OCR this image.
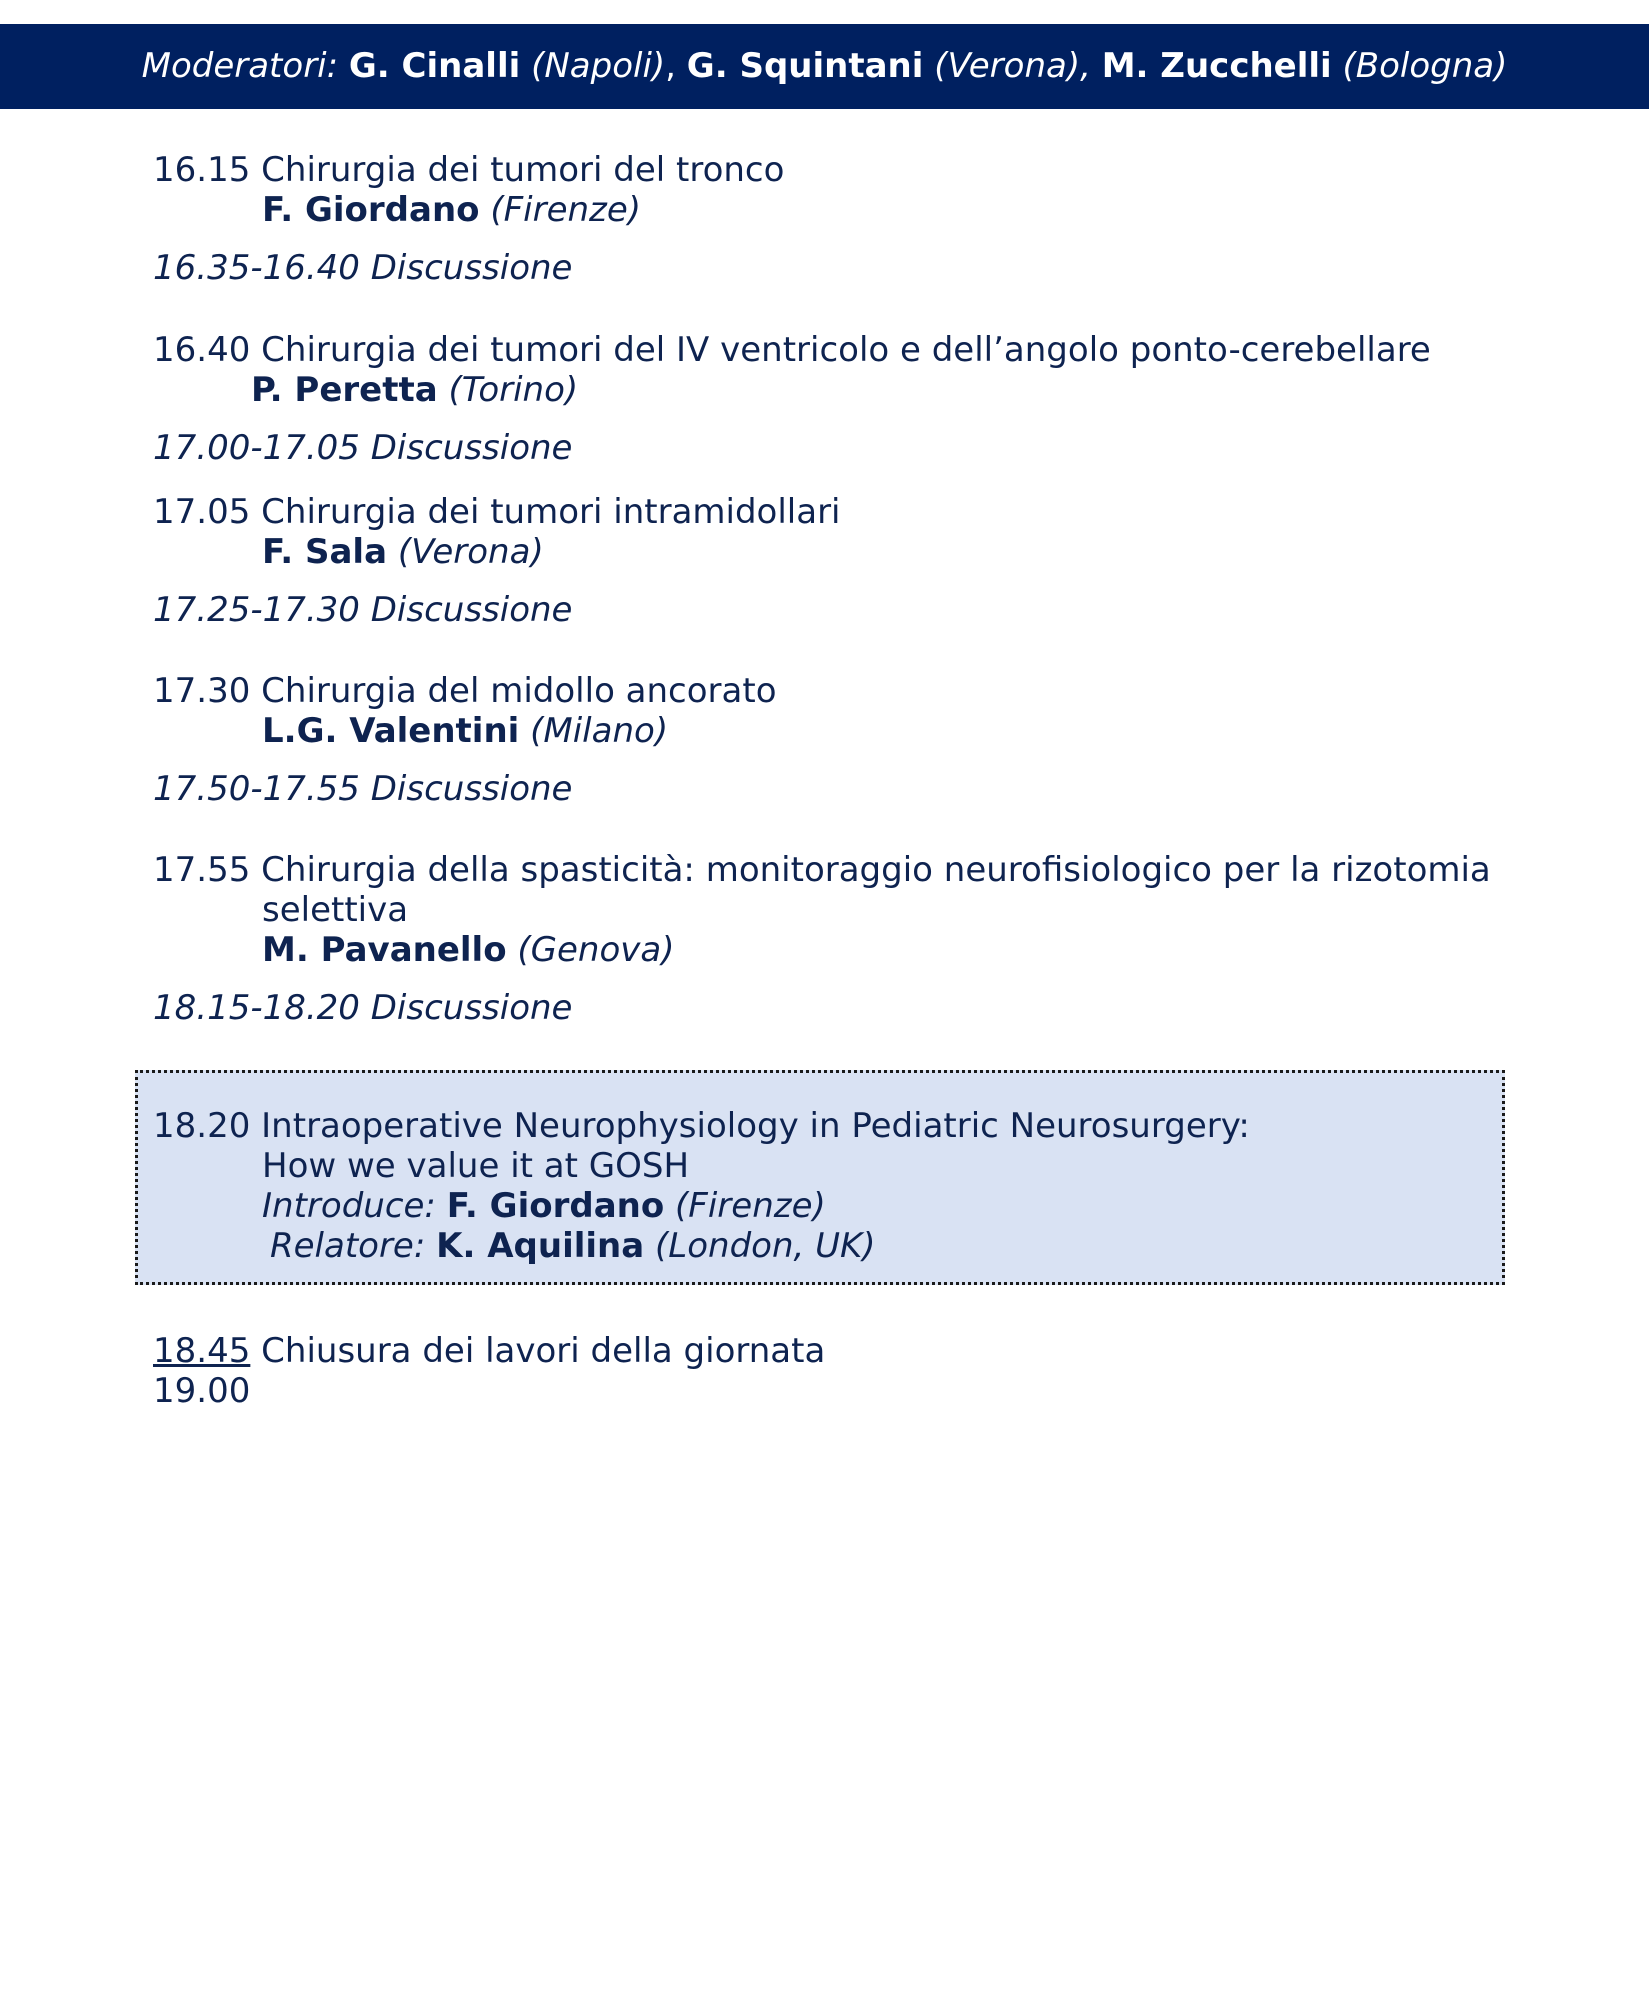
Moderatori: G. Cinalli (Napoli), G. Squintani (Verona), M. Zucchelli (Bologna)
16.15 Chirurgia dei tumori del tronco
F. Giordano (Firenze)
16.35-16.40 Discussione
16.40 Chirurgia dei tumori del IV ventricolo e dell’angolo ponto-cerebellare
P. Peretta (Torino)
17.00-17.05 Discussione
17.05 Chirurgia dei tumori intramidollari
F. Sala (Verona)
17.25-17.30 Discussione
17.30 Chirurgia del midollo ancorato
L.G. Valentini (Milano)
17.50-17.55 Discussione
17.55 Chirurgia della spasticità: monitoraggio neurofisiologico per la rizotomia
selettiva
M. Pavanello (Genova)
18.15-18.20 Discussione
18.20 Intraoperative Neurophysiology in Pediatric Neurosurgery:
How we value it at GOSH
Introduce: F. Giordano (Firenze)
Relatore: K. Aquilina (London, UK)
18.45 Chiusura dei lavori della giornata
19.00
